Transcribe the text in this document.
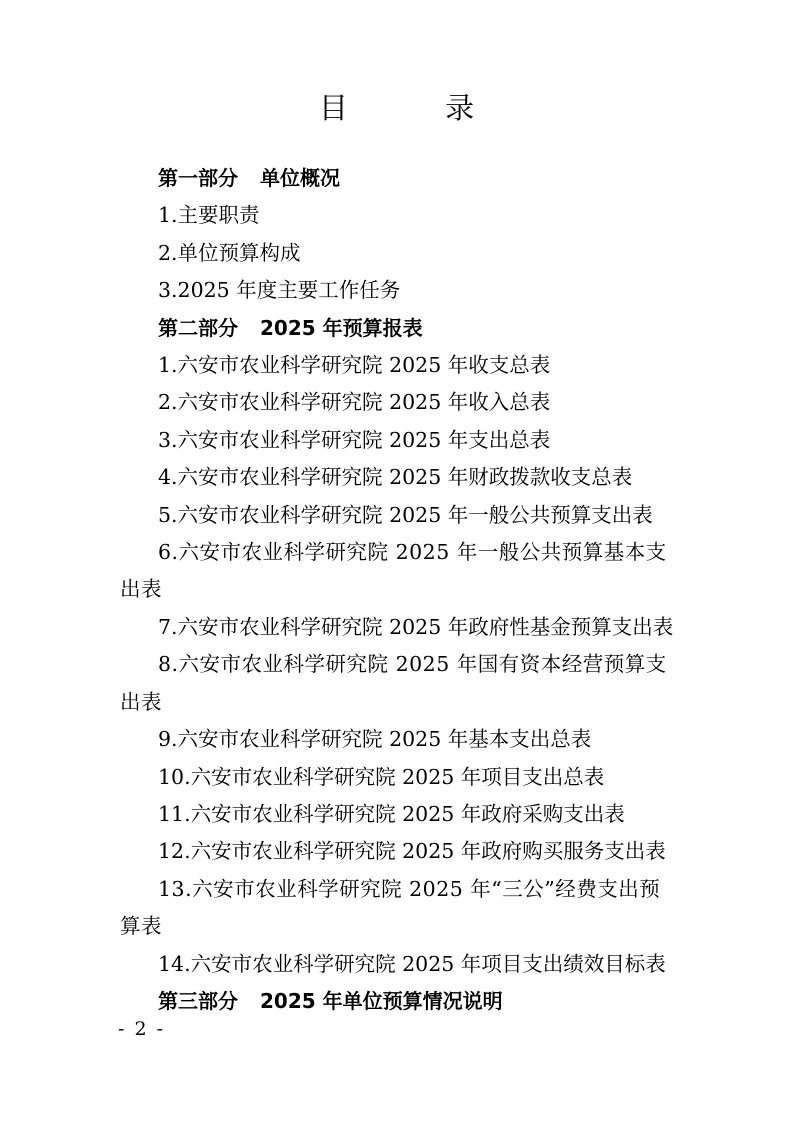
目 录
第一部分 单位概况
1.主要职责
2.单位预算构成
3.2025 年度主要工作任务
第二部分 2025 年预算报表
1.六安市农业科学研究院 2025 年收支总表
2.六安市农业科学研究院 2025 年收入总表
3.六安市农业科学研究院 2025 年支出总表
4.六安市农业科学研究院 2025 年财政拨款收支总表
5.六安市农业科学研究院 2025 年一般公共预算支出表
6.六安市农业科学研究院 2025 年一般公共预算基本支出表
7.六安市农业科学研究院 2025 年政府性基金预算支出表
8.六安市农业科学研究院 2025 年国有资本经营预算支出表
9.六安市农业科学研究院 2025 年基本支出总表
10.六安市农业科学研究院 2025 年项目支出总表
11.六安市农业科学研究院 2025 年政府采购支出表
12.六安市农业科学研究院 2025 年政府购买服务支出表
13.六安市农业科学研究院 2025 年“三公”经费支出预算表
14.六安市农业科学研究院 2025 年项目支出绩效目标表
第三部分 2025 年单位预算情况说明
- 2 -
